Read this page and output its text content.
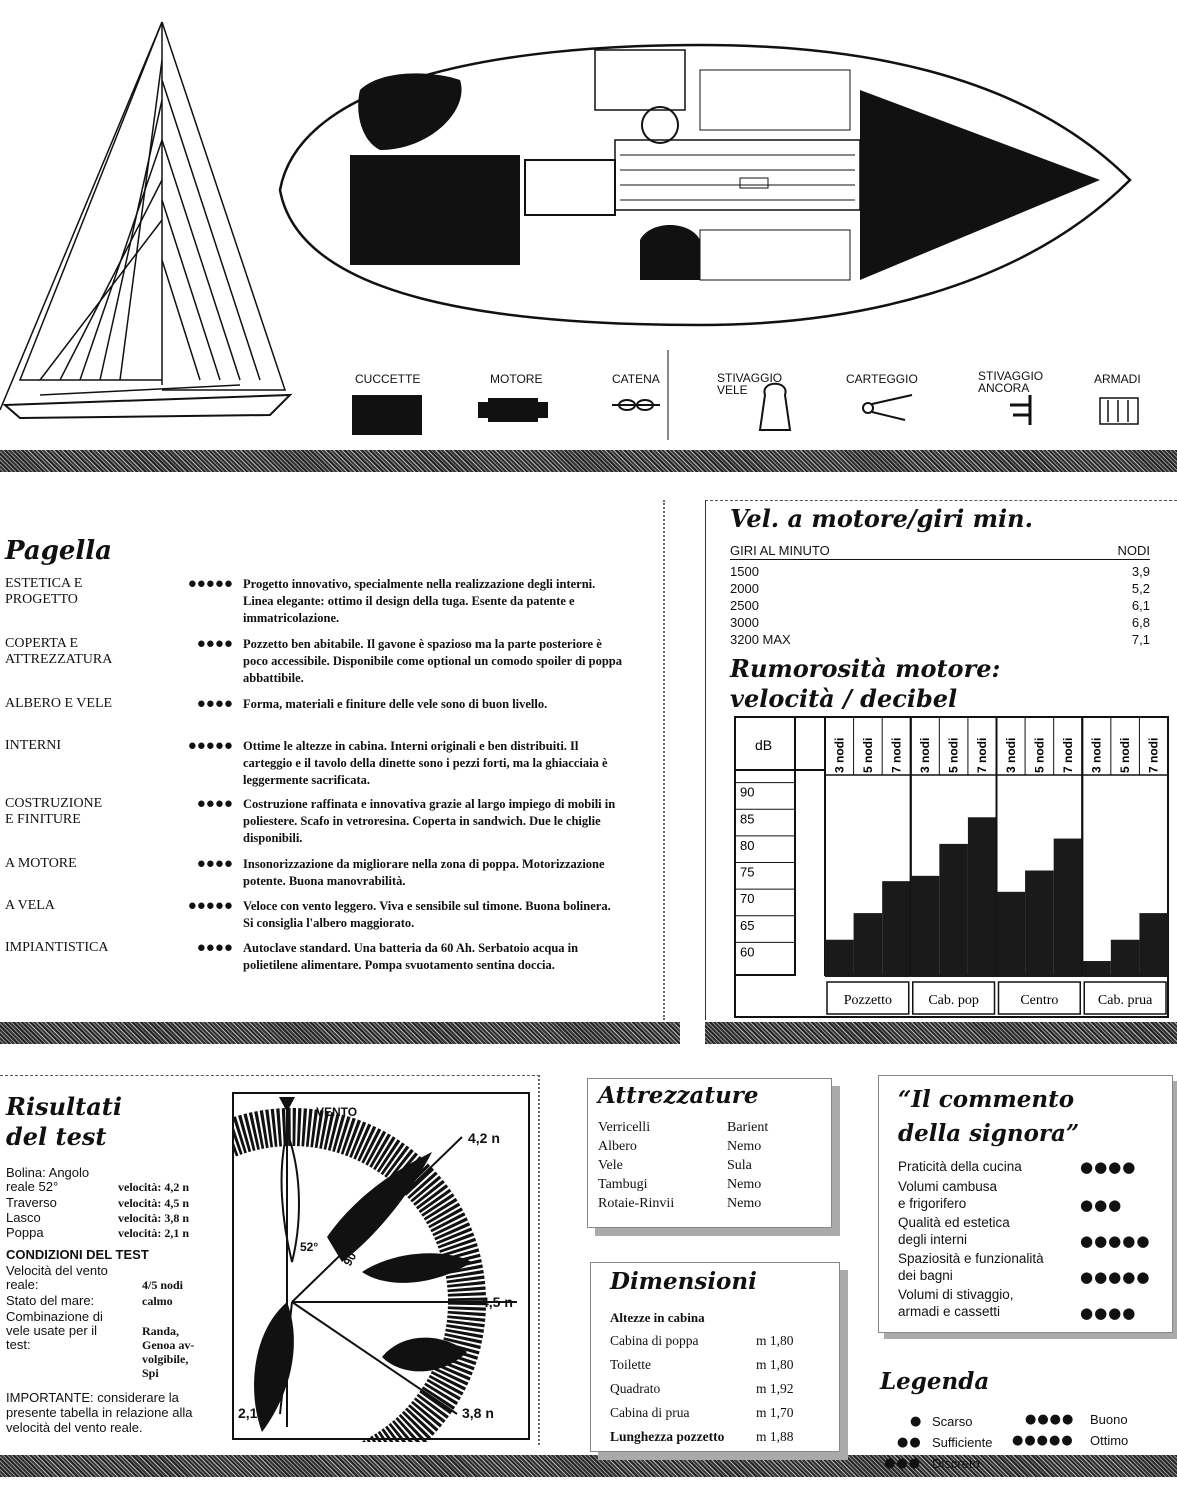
CUCCETTE	MOTORE	CATENA	STIVAGGIO
VELE
CARTEGGIO	STIVAGGIO
ANCORA
ARMADI
Pagella
ESTETICA E
PROGETTO
●●●●● Progetto innovativo, specialmente nella realizzazione degli interni. Linea elegante: ottimo il design della tuga. Esente da patente e immatricolazione.
COPERTA E
ATTREZZATURA
●●●● Pozzetto ben abitabile. Il gavone è spazioso ma la parte posteriore è poco accessibile. Disponibile come optional un comodo spoiler di poppa abbattibile.
ALBERO E VELE	●●●● Forma, materiali e finiture delle vele sono di buon livello.
INTERNI	●●●●● Ottime le altezze in cabina. Interni originali e ben distribuiti. Il carteggio e il tavolo della dinette sono i pezzi forti, ma la ghiacciaia è leggermente sacrificata.
COSTRUZIONE
E FINITURE
●●●● Costruzione raffinata e innovativa grazie al largo impiego di mobili in poliestere. Scafo in vetroresina. Coperta in sandwich. Due le chiglie disponibili.
A MOTORE	●●●● Insonorizzazione da migliorare nella zona di poppa. Motorizzazione potente. Buona manovrabilità.
A VELA	●●●●● Veloce con vento leggero. Viva e sensibile sul timone. Buona bolinera. Si consiglia l'albero maggiorato.
IMPIANTISTICA	●●●● Autoclave standard. Una batteria da 60 Ah. Serbatoio acqua in polietilene alimentare. Pompa svuotamento sentina doccia.
Vel. a motore/giri min.
GIRI AL MINUTO	NODI
1500	3,9
2000	5,2
2500	6,1
3000	6,8
3200 MAX	7,1
Rumorosità motore:
velocità / decibel
dB
90
85
80
75
70
65
60
3 nodi 5 nodi 7 nodi
Pozzetto
3 nodi 5 nodi 7 nodi
Cab. pop
3 nodi 5 nodi 7 nodi
Centro
3 nodi 5 nodi 7 nodi
Cab. prua
Risultati
del test
Bolina: Angolo
reale 52°	velocità: 4,2 n
Traverso	velocità: 4,5 n
Lasco	velocità: 3,8 n
Poppa	velocità: 2,1 n
CONDIZIONI DEL TEST
Velocità del vento
reale:	4/5 nodi
Stato del mare:	calmo
Combinazione di
vele usate per il
test:
Randa,
Genoa av-
volgibile,
Spi
IMPORTANTE: considerare la presente tabella in relazione alla velocità del vento reale.
VENTO
4,2 n
4,5 n
3,8 n
2,1 n
52° 90°
Attrezzature
Verricelli	Barient
Albero	Nemo
Vele	Sula
Tambugi	Nemo
Rotaie-Rinvii	Nemo
Dimensioni
Altezze in cabina
Cabina di poppa	m 1,80
Toilette	m 1,80
Quadrato	m 1,92
Cabina di prua	m 1,70
Lunghezza pozzetto m 1,88
“Il commento
della signora”
Praticità della cucina	●●●●
Volumi cambusa
e frigorifero	●●●
Qualità ed estetica
degli interni	●●●●●
Spaziosità e funzionalità
dei bagni	●●●●●
Volumi di stivaggio,
armadi e cassetti	●●●●
Legenda
● Scarso
●● Sufficiente
●●● Discreto
●●●● Buono
●●●●● Ottimo
